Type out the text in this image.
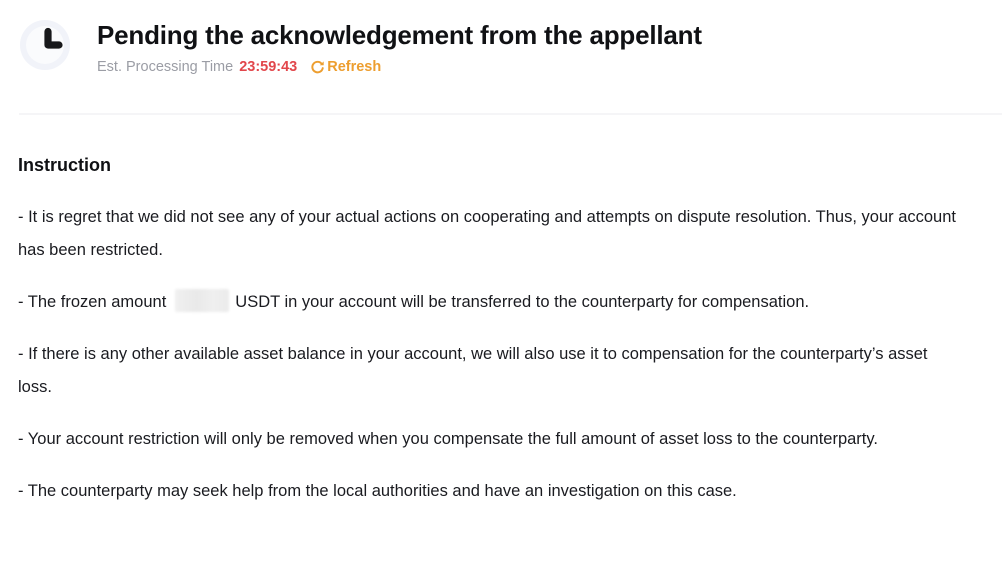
Pending the acknowledgement from the appellant
Est. Processing Time 23:59:43 Refresh
Instruction

- It is regret that we did not see any of your actual actions on cooperating and attempts on dispute resolution. Thus, your account has been restricted.

- The frozen amount	USDT in your account will be transferred to the counterparty for compensation.

- If there is any other available asset balance in your account, we will also use it to compensation for the counterparty’s asset loss.

- Your account restriction will only be removed when you compensate the full amount of asset loss to the counterparty.

- The counterparty may seek help from the local authorities and have an investigation on this case.
